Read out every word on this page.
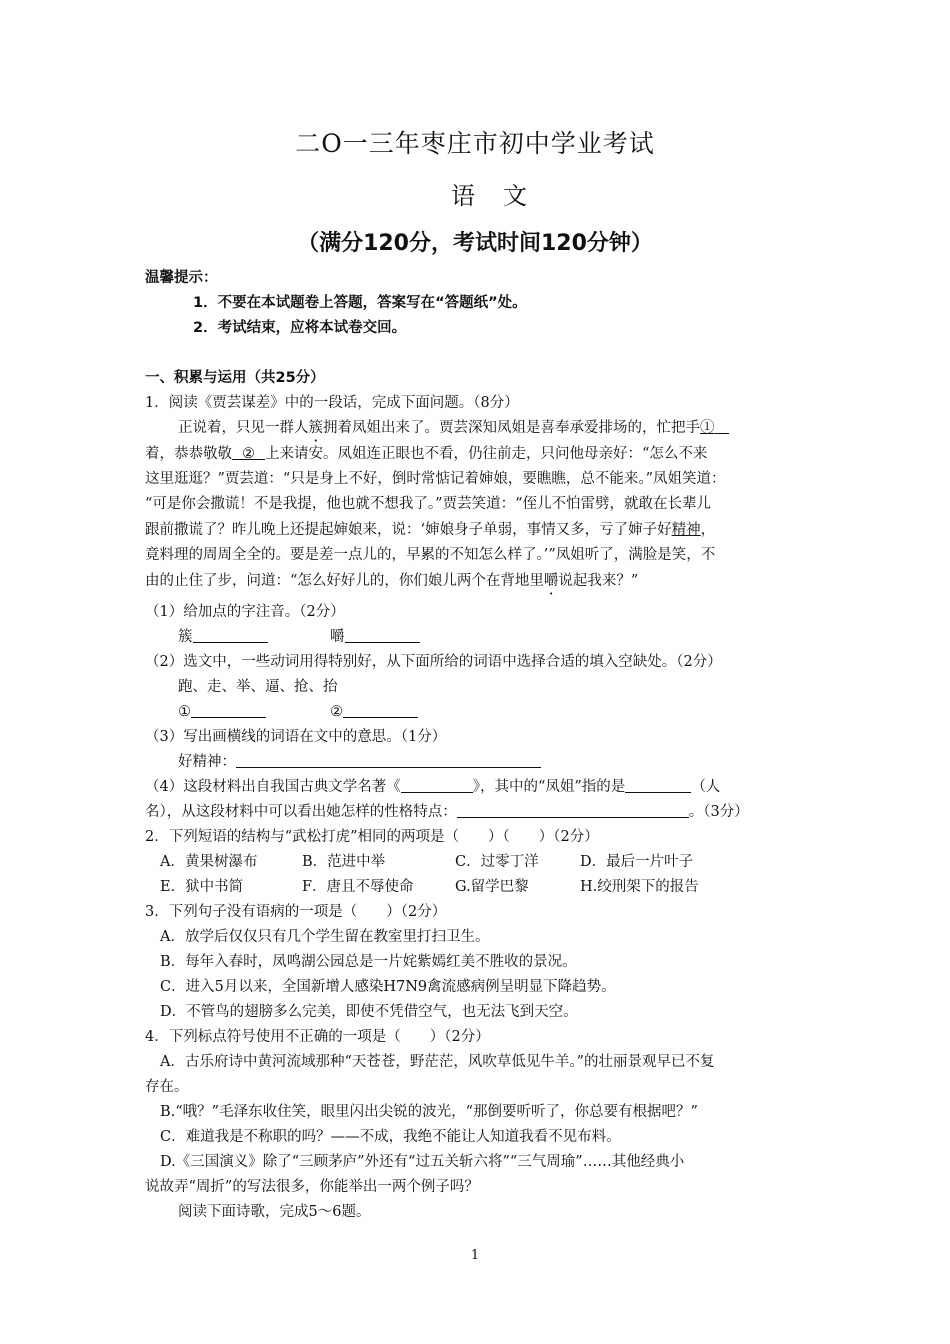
二O一三年枣庄市初中学业考试
语文
（满分120分，考试时间120分钟）
温馨提示：
1．不要在本试题卷上答题，答案写在“答题纸”处。
2．考试结束，应将本试卷交回。
一、积累与运用（共25分）
1．阅读《贾芸谋差》中的一段话，完成下面问题。（8分）
正说着，只见一群人簇拥着凤姐出来了。贾芸深知凤姐是喜奉承爱排场的，忙把手①
着，恭恭敬敬 ② 上来请安。凤姐连正眼也不看，仍往前走，只问他母亲好：“怎么不来
这里逛逛？”贾芸道：“只是身上不好，倒时常惦记着婶娘，要瞧瞧，总不能来。”凤姐笑道：
“可是你会撒谎！不是我提，他也就不想我了。”贾芸笑道：“侄儿不怕雷劈，就敢在长辈儿
跟前撒谎了？昨儿晚上还提起婶娘来，说：‘婶娘身子单弱，事情又多，亏了婶子好精神，
竟料理的周周全全的。要是差一点儿的，早累的不知怎么样了。’”凤姐听了，满脸是笑，不
由的止住了步，问道：“怎么好好儿的，你们娘儿两个在背地里嚼说起我来？”
（1）给加点的字注音。（2分）
簇	嚼
（2）选文中，一些动词用得特别好，从下面所给的词语中选择合适的填入空缺处。（2分）
跑、走、举、逼、抢、抬
①	②
（3）写出画横线的词语在文中的意思。（1分）
好精神：
（4）这段材料出自我国古典文学名著《	》，其中的“凤姐”指的是	（人
名），从这段材料中可以看出她怎样的性格特点：	。（3分）
2．下列短语的结构与“武松打虎”相同的两项是（　　）（　　）（2分）
A．黄果树瀑布	B．范进中举	C．过零丁洋	D．最后一片叶子
E．狱中书简	F．唐且不辱使命	G.留学巴黎	H.绞刑架下的报告
3．下列句子没有语病的一项是（　　）（2分）
A．放学后仅仅只有几个学生留在教室里打扫卫生。
B．每年入春时，凤鸣湖公园总是一片姹紫嫣红美不胜收的景况。
C．进入5月以来，全国新增人感染H7N9禽流感病例呈明显下降趋势。
D．不管鸟的翅膀多么完美，即使不凭借空气，也无法飞到天空。
4．下列标点符号使用不正确的一项是（　　）（2分）
A．古乐府诗中黄河流域那种“天苍苍，野茫茫，风吹草低见牛羊。”的壮丽景观早已不复
存在。
B.“哦？”毛泽东收住笑，眼里闪出尖锐的波光，“那倒要听听了，你总要有根据吧？”
C．难道我是不称职的吗？——不成，我绝不能让人知道我看不见布料。
D.《三国演义》除了“三顾茅庐”外还有“过五关斩六将”“三气周瑜”……其他经典小
说故弄“周折”的写法很多，你能举出一两个例子吗？
阅读下面诗歌，完成5～6题。
1
